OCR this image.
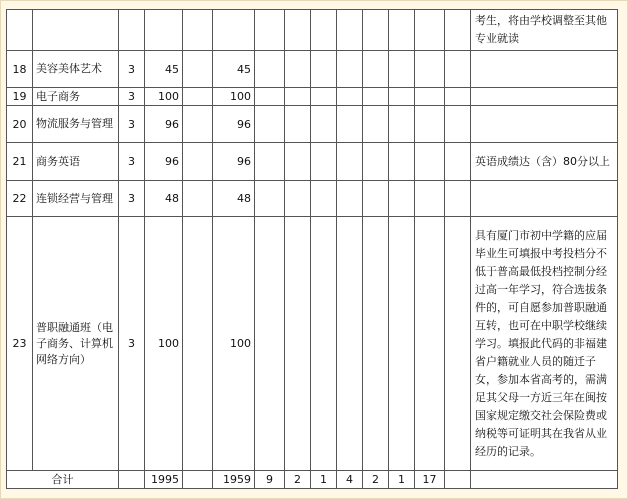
														考生，将由学校调整至其他专业就读
18	美容美体艺术	3	45		45									
19	电子商务	3	100		100									
20	物流服务与管理	3	96		96									
21	商务英语	3	96		96									英语成绩达（含）80分以上
22	连锁经营与管理	3	48		48									
23	普职融通班（电子商务、计算机网络方向）	3	100		100									具有厦门市初中学籍的应届毕业生可填报中考投档分不低于普高最低投档控制分经过高一年学习，符合选拔条件的，可自愿参加普职融通互转，也可在中职学校继续学习。填报此代码的非福建省户籍就业人员的随迁子女，参加本省高考的，需满足其父母一方近三年在闽按国家规定缴交社会保险费或纳税等可证明其在我省从业经历的记录。
合计			1995		1959	9	2	1	4	2	1	17		
